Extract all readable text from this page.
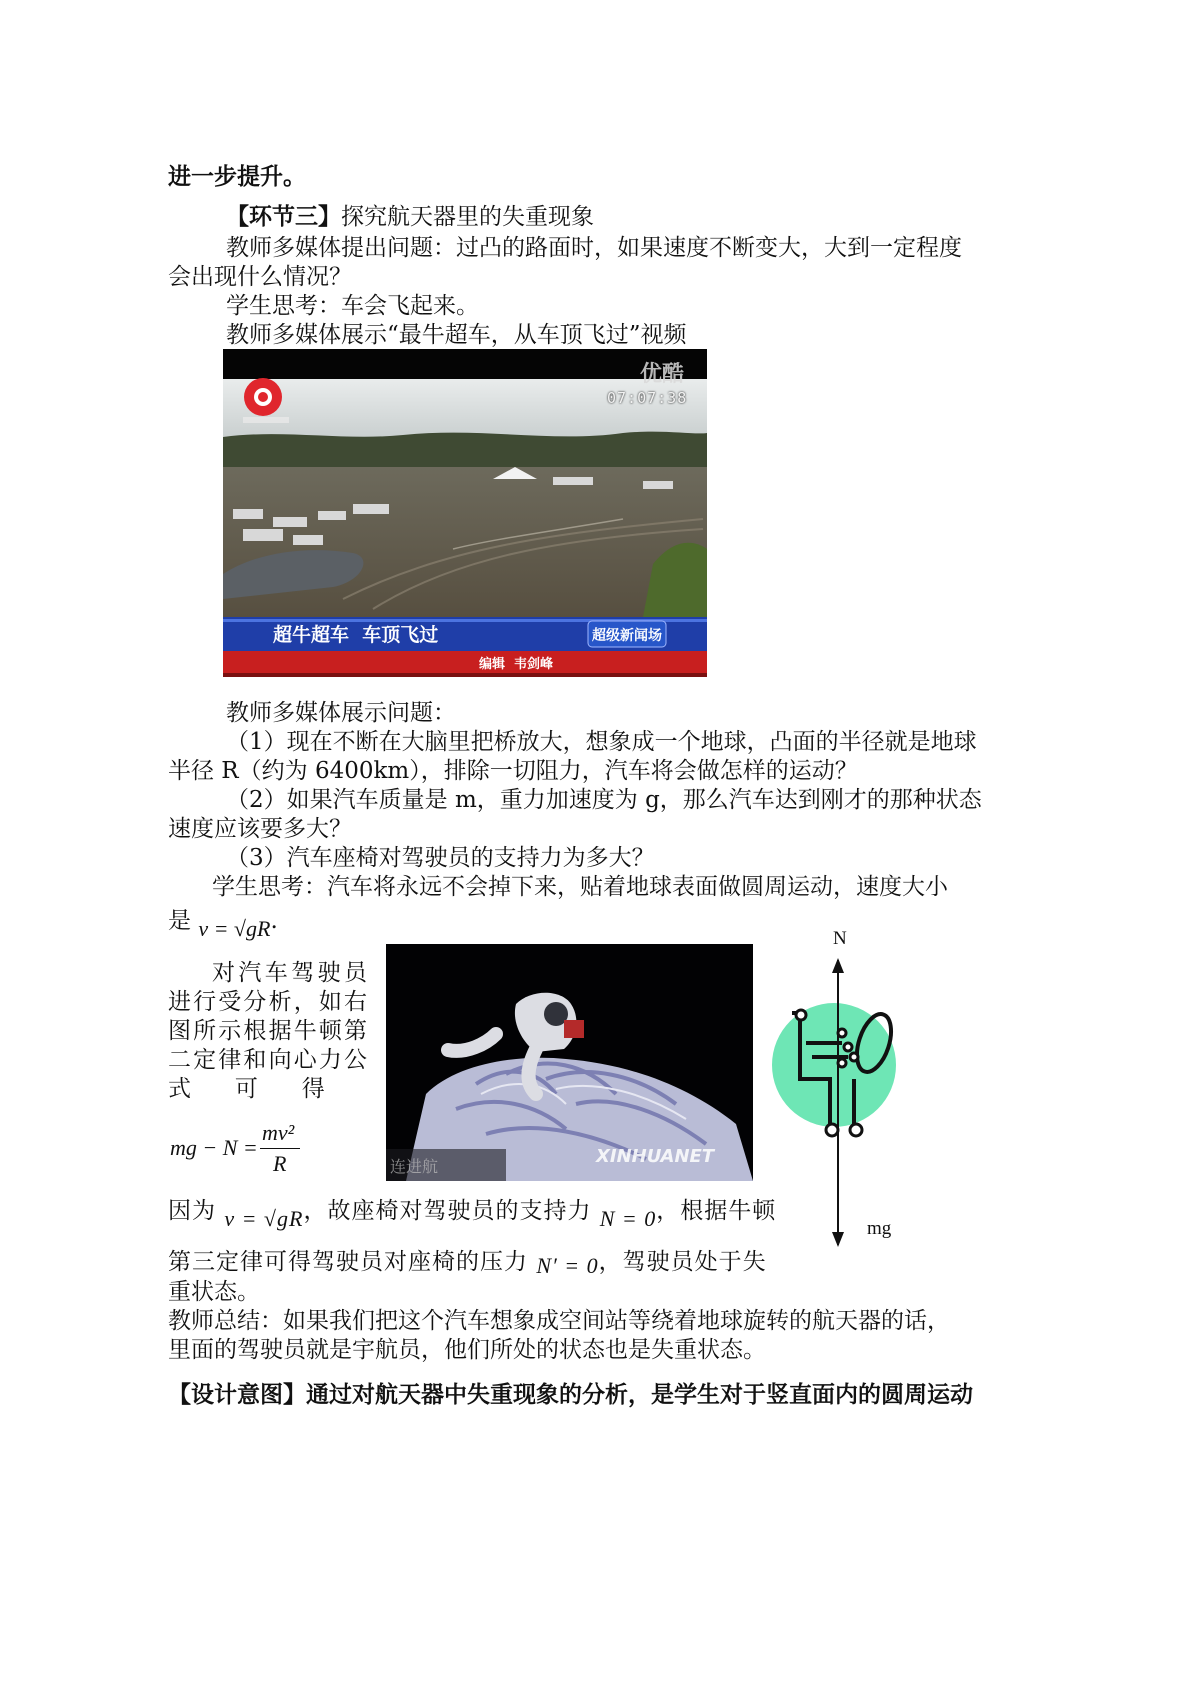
进一步提升。
【环节三】探究航天器里的失重现象
教师多媒体提出问题：过凸的路面时，如果速度不断变大，大到一定程度
会出现什么情况？
学生思考：车会飞起来。
教师多媒体展示“最牛超车，从车顶飞过”视频
优酷
07:07:38
超牛超车  车顶飞过	超级新闻场
编辑  韦剑峰
教师多媒体展示问题：
（1）现在不断在大脑里把桥放大，想象成一个地球，凸面的半径就是地球
半径 R（约为 6400km），排除一切阻力，汽车将会做怎样的运动？
（2）如果汽车质量是 m，重力加速度为 g，那么汽车达到刚才的那种状态
速度应该要多大？
（3）汽车座椅对驾驶员的支持力为多大？
学生思考：汽车将永远不会掉下来，贴着地球表面做圆周运动，速度大小
是 v = √gR.
对汽车驾驶员
进行受分析，如右
图所示根据牛顿第
二定律和向心力公
式      可      得
mg − N =
mv²
R	连进航	XINHUANET
N
mg
因为 v = √gR，故座椅对驾驶员的支持力 N = 0，根据牛顿
第三定律可得驾驶员对座椅的压力 N′ = 0，驾驶员处于失
重状态。
教师总结：如果我们把这个汽车想象成空间站等绕着地球旋转的航天器的话，
里面的驾驶员就是宇航员，他们所处的状态也是失重状态。
【设计意图】通过对航天器中失重现象的分析，是学生对于竖直面内的圆周运动
